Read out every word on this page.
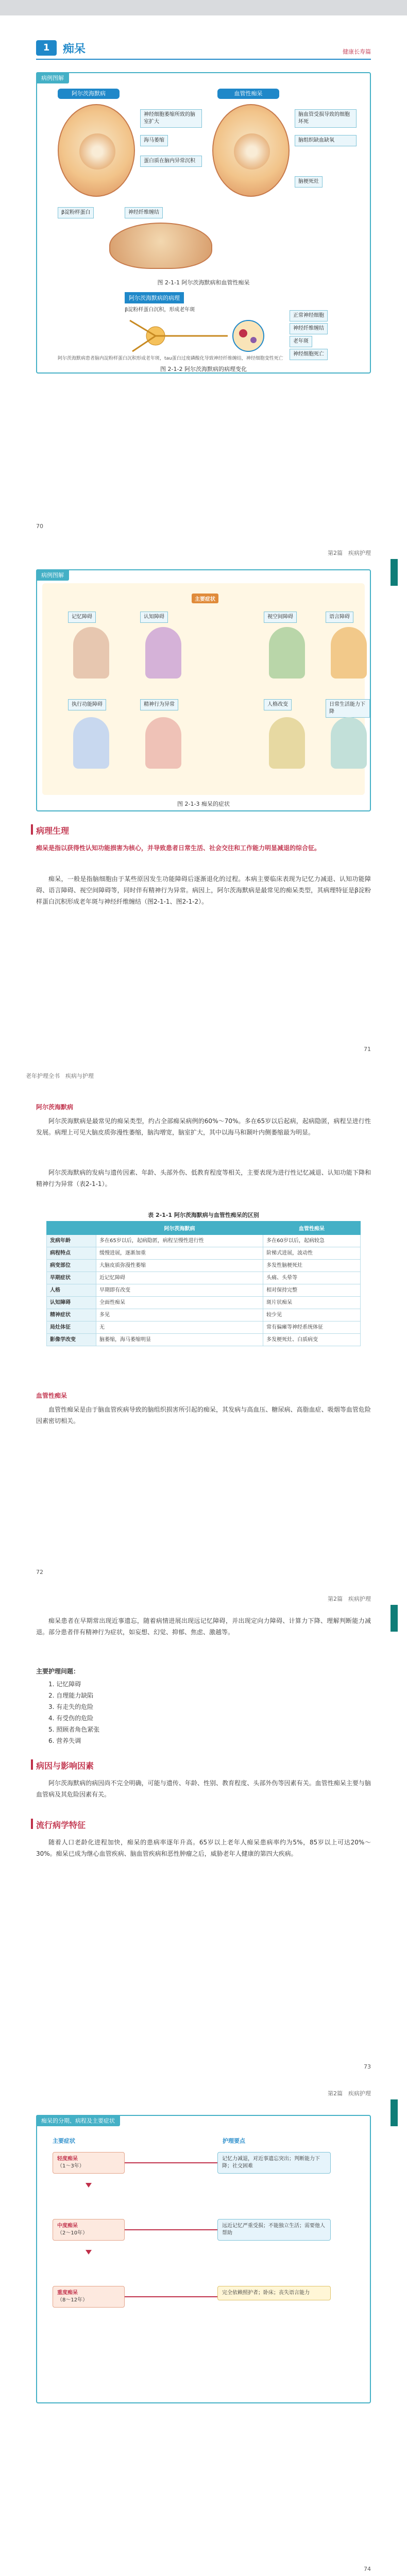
1	痴呆	健康长寿篇
病例图解
阿尔茨海默病	血管性痴呆
神经细胞萎缩所致的脑室扩大
脑血管受损导致的细胞坏死
海马萎缩
蛋白质在脑内异常沉积
脑组织缺血缺氧
β淀粉样蛋白	神经纤维缠结
脑梗死灶
图 2-1-1 阿尔茨海默病和血管性痴呆
阿尔茨海默病的病理
β淀粉样蛋白沉积，形成老年斑
正常神经细胞
神经纤维缠结
老年斑
神经细胞死亡
阿尔茨海默病患者脑内淀粉样蛋白沉积形成老年斑，tau蛋白过度磷酸化导致神经纤维缠结，神经细胞变性死亡
图 2-1-2 阿尔茨海默病的病理变化
70
第2篇　疾病护理
病例图解
主要症状
记忆障碍	认知障碍	视空间障碍	语言障碍
执行功能障碍	精神行为异常	人格改变	日常生活能力下降
图 2-1-3 痴呆的症状
病理生理
痴呆是指以获得性认知功能损害为核心，并导致患者日常生活、社会交往和工作能力明显减退的综合征。
痴呆，一般是指脑细胞由于某些原因发生功能障碍后逐渐退化的过程。本病主要临床表现为记忆力减退、认知功能障碍、语言障碍、视空间障碍等，同时伴有精神行为异常。病因上，阿尔茨海默病是最常见的痴呆类型，其病理特征是β淀粉样蛋白沉积形成老年斑与神经纤维缠结（图2-1-1、图2-1-2）。
71
老年护理全书　疾病与护理
阿尔茨海默病
阿尔茨海默病是最常见的痴呆类型，约占全部痴呆病例的60%～70%。多在65岁以后起病，起病隐匿，病程呈进行性发展。病理上可见大脑皮质弥漫性萎缩，脑沟增宽，脑室扩大，其中以海马和颞叶内侧萎缩最为明显。
阿尔茨海默病的发病与遗传因素、年龄、头部外伤、低教育程度等相关，主要表现为进行性记忆减退、认知功能下降和精神行为异常（表2-1-1）。
表 2-1-1 阿尔茨海默病与血管性痴呆的区别
	阿尔茨海默病	血管性痴呆
发病年龄	多在65岁以后，起病隐匿，病程呈慢性进行性	多在60岁以后，起病较急
病程特点	缓慢进展，逐渐加重	阶梯式进展，波动性
病变部位	大脑皮质弥漫性萎缩	多发性脑梗死灶
早期症状	近记忆障碍	头痛、头晕等
人格	早期即有改变	相对保持完整
认知障碍	全面性痴呆	斑片状痴呆
精神症状	多见	较少见
局灶体征	无	常有偏瘫等神经系统体征
影像学改变	脑萎缩，海马萎缩明显	多发梗死灶、白质病变
血管性痴呆
血管性痴呆是由于脑血管疾病导致的脑组织损害所引起的痴呆，其发病与高血压、糖尿病、高脂血症、吸烟等血管危险因素密切相关。
72
第2篇　疾病护理
痴呆患者在早期常出现近事遗忘，随着病情进展出现远记忆障碍，并出现定向力障碍、计算力下降、理解判断能力减退。部分患者伴有精神行为症状，如妄想、幻觉、抑郁、焦虑、激越等。
主要护理问题：
1. 记忆障碍
2. 自理能力缺陷
3. 有走失的危险
4. 有受伤的危险
5. 照顾者角色紧张
6. 营养失调
病因与影响因素
阿尔茨海默病的病因尚不完全明确，可能与遗传、年龄、性别、教育程度、头部外伤等因素有关。血管性痴呆主要与脑血管病及其危险因素有关。
流行病学特征
随着人口老龄化进程加快，痴呆的患病率逐年升高。65岁以上老年人痴呆患病率约为5%，85岁以上可达20%～30%。痴呆已成为继心血管疾病、脑血管疾病和恶性肿瘤之后，威胁老年人健康的第四大疾病。
73
第2篇　疾病护理
痴呆的分期、病程及主要症状
主要症状	护理要点
轻度痴呆
（1～3年）
记忆力减退，对近事遗忘突出；判断能力下降；社交困难
中度痴呆
（2～10年）
远近记忆严重受损；不能独立生活；需要他人帮助
重度痴呆
（8～12年）
完全依赖照护者；卧床；丧失语言能力
74
